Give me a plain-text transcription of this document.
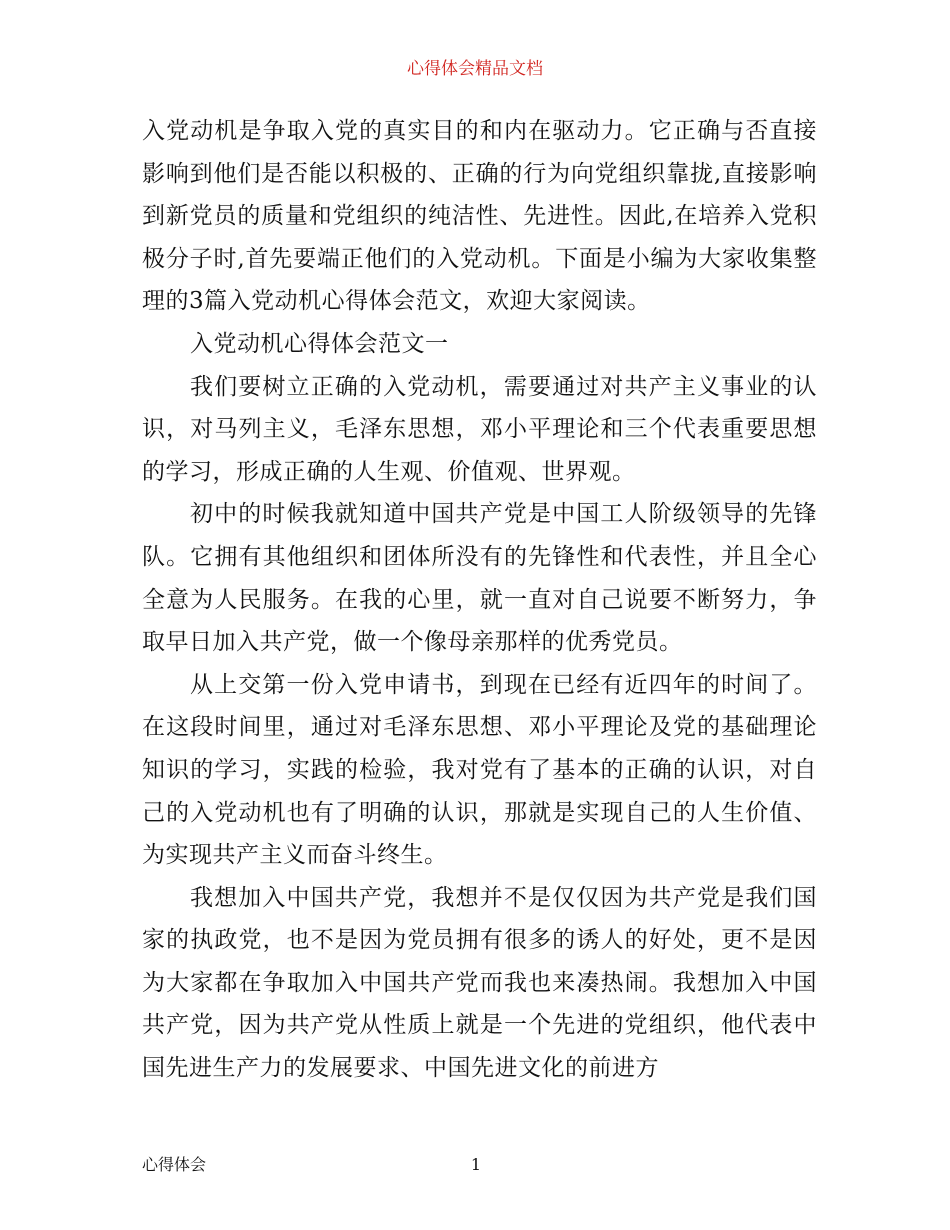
心得体会精品文档

入党动机是争取入党的真实目的和内在驱动力。它正确与否直接影响到他们是否能以积极的、正确的行为向党组织靠拢,直接影响到新党员的质量和党组织的纯洁性、先进性。因此,在培养入党积极分子时,首先要端正他们的入党动机。下面是小编为大家收集整理的3篇入党动机心得体会范文，欢迎大家阅读。

入党动机心得体会范文一

我们要树立正确的入党动机，需要通过对共产主义事业的认识，对马列主义，毛泽东思想，邓小平理论和三个代表重要思想的学习，形成正确的人生观、价值观、世界观。

初中的时候我就知道中国共产党是中国工人阶级领导的先锋队。它拥有其他组织和团体所没有的先锋性和代表性，并且全心全意为人民服务。在我的心里，就一直对自己说要不断努力，争取早日加入共产党，做一个像母亲那样的优秀党员。

从上交第一份入党申请书，到现在已经有近四年的时间了。在这段时间里，通过对毛泽东思想、邓小平理论及党的基础理论知识的学习，实践的检验，我对党有了基本的正确的认识，对自己的入党动机也有了明确的认识，那就是实现自己的人生价值、为实现共产主义而奋斗终生。

我想加入中国共产党，我想并不是仅仅因为共产党是我们国家的执政党，也不是因为党员拥有很多的诱人的好处，更不是因为大家都在争取加入中国共产党而我也来凑热闹。我想加入中国共产党，因为共产党从性质上就是一个先进的党组织，他代表中国先进生产力的发展要求、中国先进文化的前进方

心得体会	1
